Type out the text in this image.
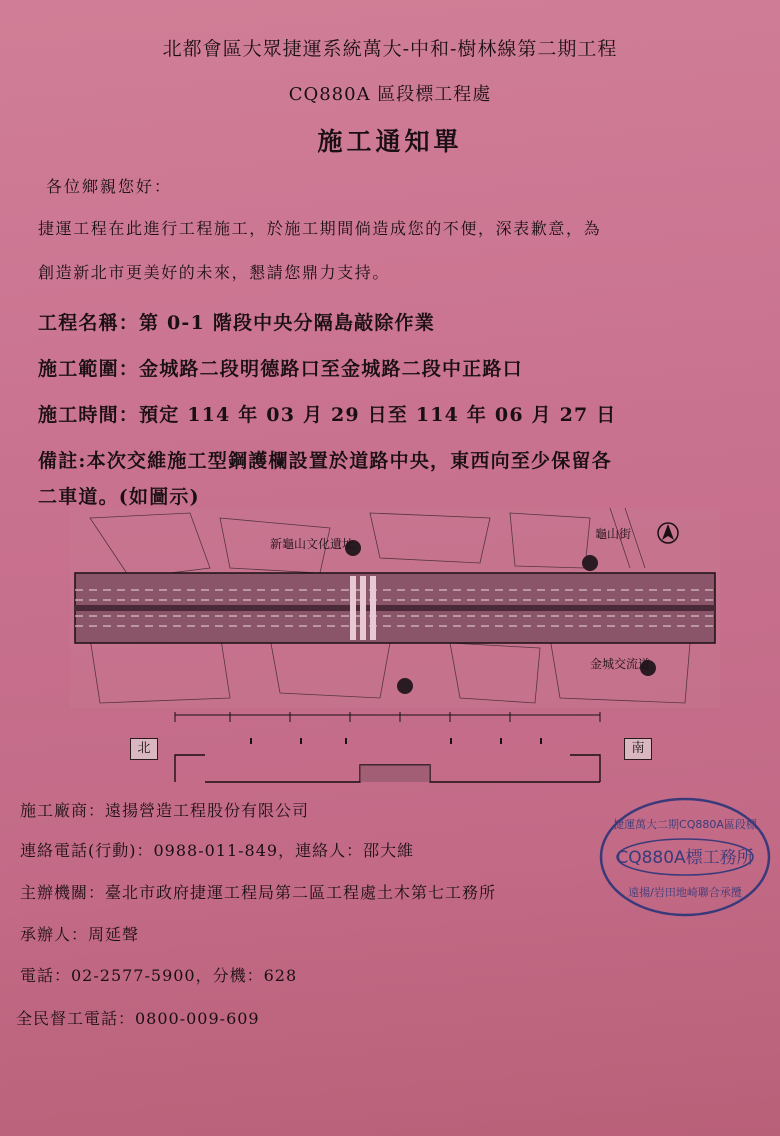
北都會區大眾捷運系統萬大-中和-樹林線第二期工程
CQ880A 區段標工程處
施工通知單
各位鄉親您好：
捷運工程在此進行工程施工，於施工期間倘造成您的不便，深表歉意，為
創造新北市更美好的未來，懇請您鼎力支持。
工程名稱：第 0-1 階段中央分隔島敲除作業
施工範圍：金城路二段明德路口至金城路二段中正路口
施工時間：預定 114 年 03 月 29 日至 114 年 06 月 27 日
備註:本次交維施工型鋼護欄設置於道路中央，東西向至少保留各
二車道。(如圖示)
新龜山文化遺址
龜山街
金城交流道
北	南
施工廠商：遠揚營造工程股份有限公司
連絡電話(行動)：0988-011-849，連絡人：邵大維
主辦機關：臺北市政府捷運工程局第二區工程處土木第七工務所
承辦人：周延聲
電話：02-2577-5900，分機：628
全民督工電話：0800-009-609
捷運萬大二期CQ880A區段標
CQ880A標工務所
遠揚/岩田地崎聯合承攬
